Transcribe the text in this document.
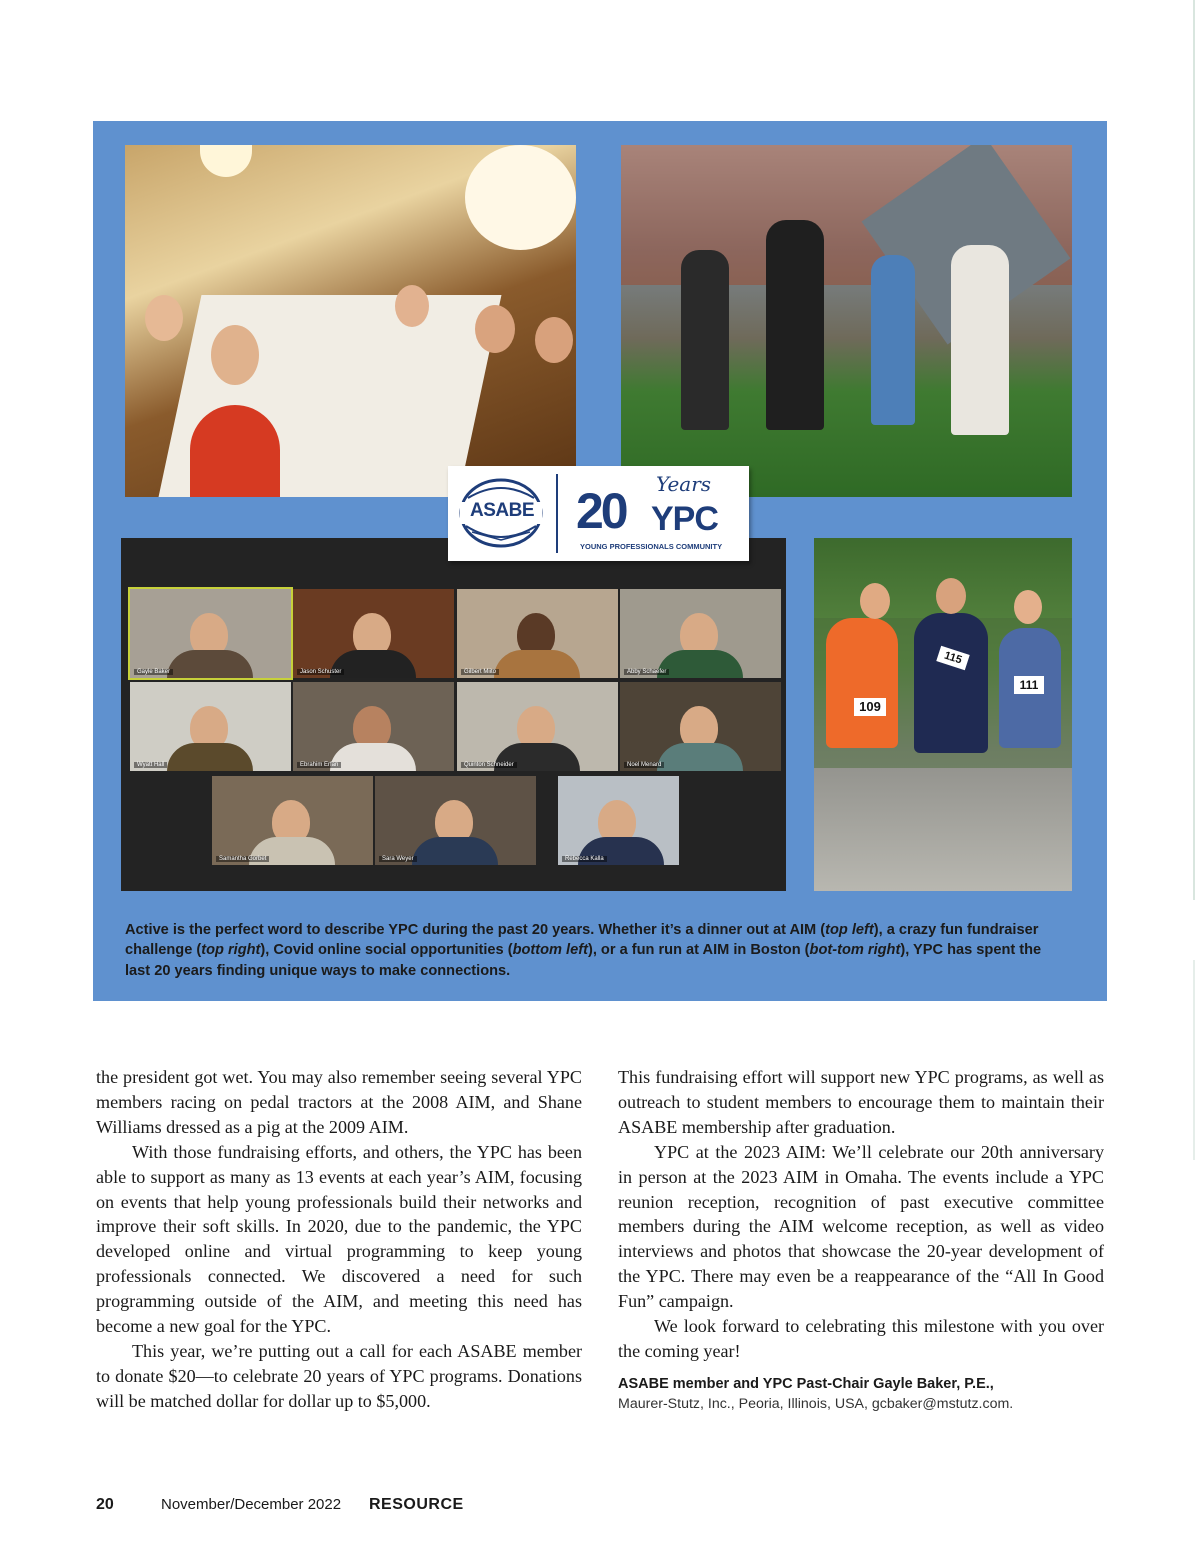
Gayle Baker	Jason Schuster	Gilbert Miito	Abby Schaefer
Wyatt Hall	Ebrahim Erfan	Quinton Schneider	Noel Menard
Samantha Gorbet	Sara Weyer	Rebecca Kalla
109
115
111
ASABE 20 Years
YPC
YOUNG PROFESSIONALS COMMUNITY
Active is the perfect word to describe YPC during the past 20 years. Whether it’s a dinner out at AIM (top left), a crazy fun fundraiser challenge (top right), Covid online social opportunities (bottom left), or a fun run at AIM in Boston (bot-tom right), YPC has spent the last 20 years finding unique ways to make connections.

the president got wet. You may also remember seeing several YPC members racing on pedal tractors at the 2008 AIM, and Shane Williams dressed as a pig at the 2009 AIM.

With those fundraising efforts, and others, the YPC has been able to support as many as 13 events at each year’s AIM, focusing on events that help young professionals build their networks and improve their soft skills. In 2020, due to the pandemic, the YPC developed online and virtual programming to keep young professionals connected. We discovered a need for such programming outside of the AIM, and meeting this need has become a new goal for the YPC.

This year, we’re putting out a call for each ASABE member to donate $20—to celebrate 20 years of YPC programs. Donations will be matched dollar for dollar up to $5,000.

This fundraising effort will support new YPC programs, as well as outreach to student members to encourage them to maintain their ASABE membership after graduation.

YPC at the 2023 AIM: We’ll celebrate our 20th anniversary in person at the 2023 AIM in Omaha. The events include a YPC reunion reception, recognition of past executive committee members during the AIM welcome reception, as well as video interviews and photos that showcase the 20-year development of the YPC. There may even be a reappearance of the “All In Good Fun” campaign.

We look forward to celebrating this milestone with you over the coming year!

ASABE member and YPC Past-Chair Gayle Baker, P.E.,
Maurer-Stutz, Inc., Peoria, Illinois, USA, gcbaker@mstutz.com.
20	November/December 2022	RESOURCE
